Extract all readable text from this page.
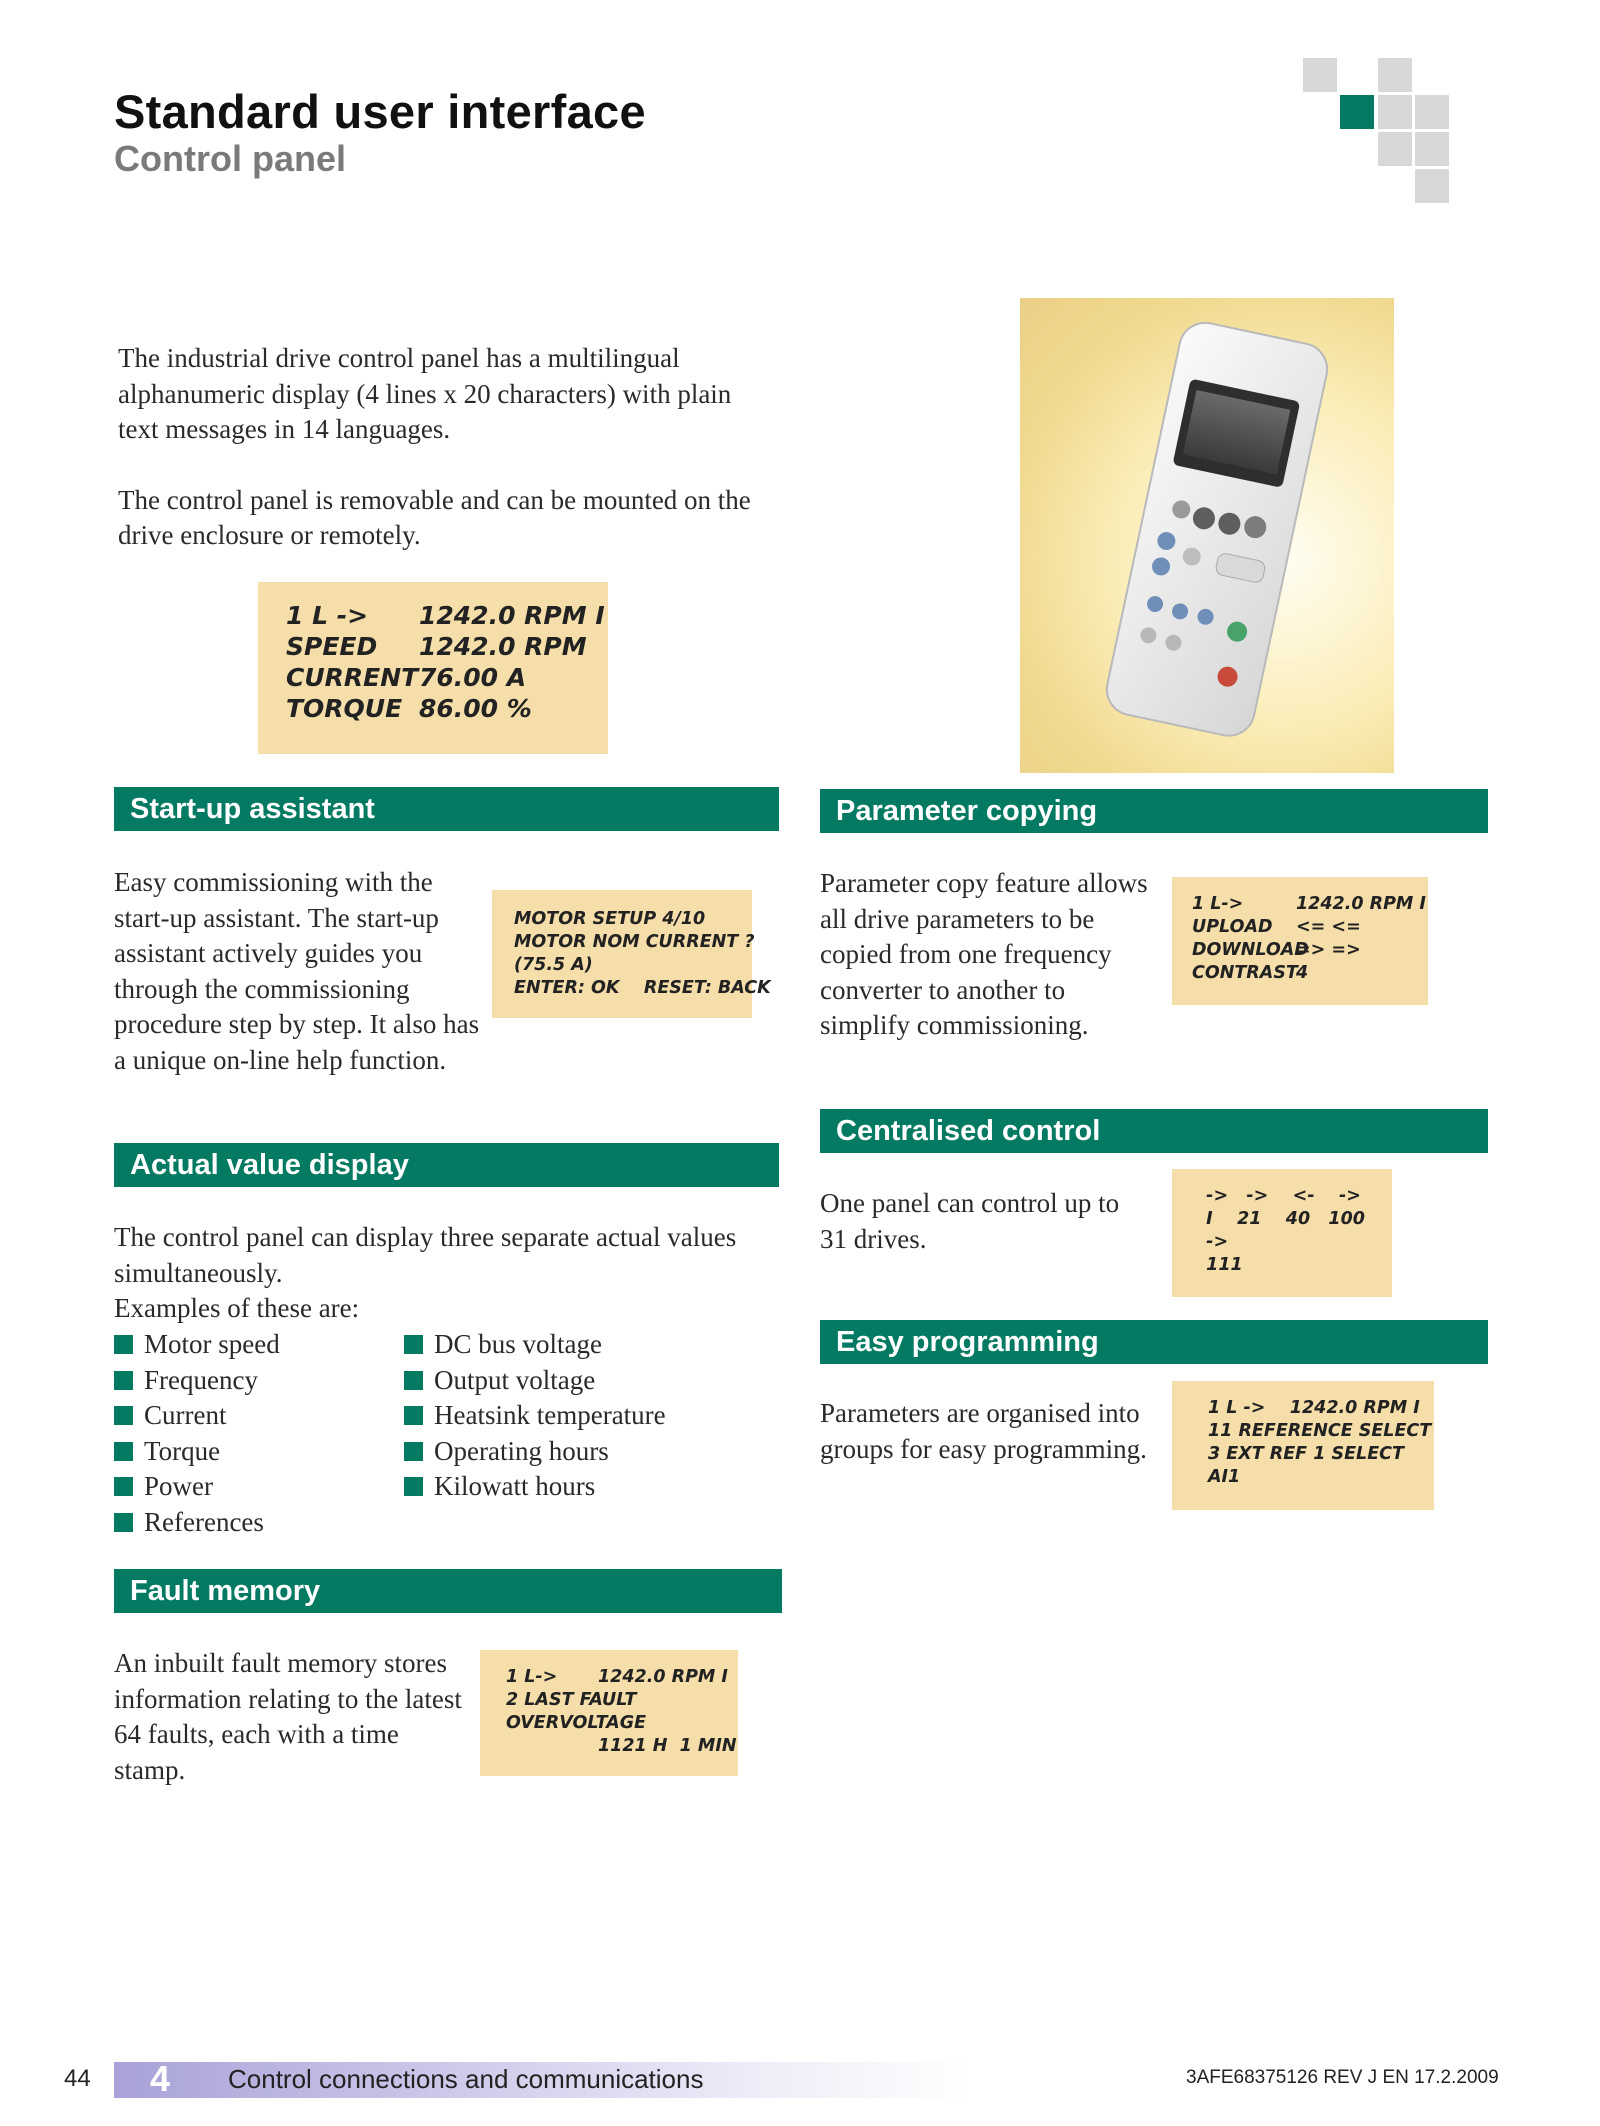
Standard user interface
Control panel

The industrial drive control panel has a multilingual alphanumeric display (4 lines x 20 characters) with plain text messages in 14 languages.

The control panel is removable and can be mounted on the drive enclosure or remotely.

1 L ->	1242.0 RPM I
SPEED	1242.0 RPM
CURRENT 76.00 A
TORQUE 86.00 %
Start-up assistant
Easy commissioning with the start-up assistant. The start-up assistant actively guides you through the commissioning procedure step by step. It also has a unique on-line help function.
MOTOR SETUP 4/10
MOTOR NOM CURRENT ?
(75.5 A)
ENTER: OK    RESET: BACK
Actual value display
The control panel can display three separate actual values simultaneously.
Examples of these are:
Motor speed
Frequency
Current
Torque
Power
References
DC bus voltage
Output voltage
Heatsink temperature
Operating hours
Kilowatt hours
Fault memory
An inbuilt fault memory stores information relating to the latest 64 faults, each with a time stamp.
1 L->	1242.0 RPM I
2 LAST FAULT
OVERVOLTAGE
1121 H  1 MIN
Parameter copying
Parameter copy feature allows all drive parameters to be copied from one frequency converter to another to simplify commissioning.
1 L->	1242.0 RPM I
UPLOAD	<= <=
DOWNLOAD
=> =>
CONTRAST
4
Centralised control
One panel can control up to 31 drives.
->   ->    <-    ->
I    21    40   100
->
111
Easy programming
Parameters are organised into groups for easy programming.
1 L ->    1242.0 RPM I
11 REFERENCE SELECT
3 EXT REF 1 SELECT
AI1
44 4 Control connections and communications	3AFE68375126 REV J EN 17.2.2009
